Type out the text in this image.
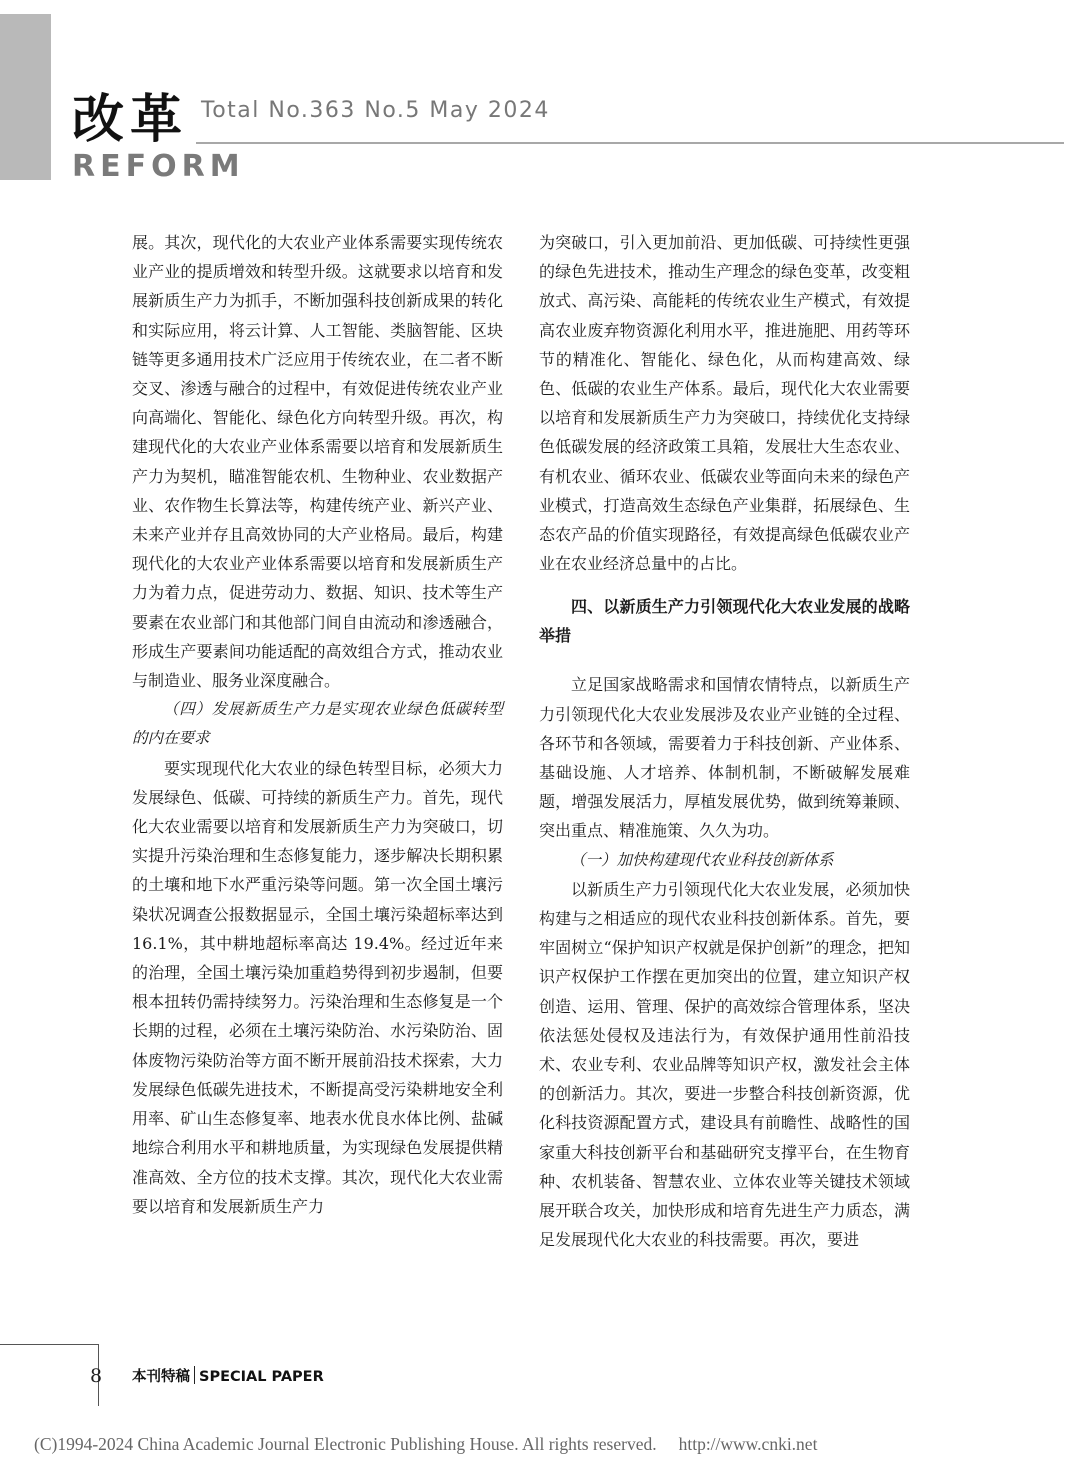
改革
REFORM
Total No.363 No.5 May 2024

展。其次，现代化的大农业产业体系需要实现传统农业产业的提质增效和转型升级。这就要求以培育和发展新质生产力为抓手，不断加强科技创新成果的转化和实际应用，将云计算、人工智能、类脑智能、区块链等更多通用技术广泛应用于传统农业，在二者不断交叉、渗透与融合的过程中，有效促进传统农业产业向高端化、智能化、绿色化方向转型升级。再次，构建现代化的大农业产业体系需要以培育和发展新质生产力为契机，瞄准智能农机、生物种业、农业数据产业、农作物生长算法等，构建传统产业、新兴产业、未来产业并存且高效协同的大产业格局。最后，构建现代化的大农业产业体系需要以培育和发展新质生产力为着力点，促进劳动力、数据、知识、技术等生产要素在农业部门和其他部门间自由流动和渗透融合，形成生产要素间功能适配的高效组合方式，推动农业与制造业、服务业深度融合。

（四）发展新质生产力是实现农业绿色低碳转型的内在要求

要实现现代化大农业的绿色转型目标，必须大力发展绿色、低碳、可持续的新质生产力。首先，现代化大农业需要以培育和发展新质生产力为突破口，切实提升污染治理和生态修复能力，逐步解决长期积累的土壤和地下水严重污染等问题。第一次全国土壤污染状况调查公报数据显示，全国土壤污染超标率达到 16.1%，其中耕地超标率高达 19.4%。经过近年来的治理，全国土壤污染加重趋势得到初步遏制，但要根本扭转仍需持续努力。污染治理和生态修复是一个长期的过程，必须在土壤污染防治、水污染防治、固体废物污染防治等方面不断开展前沿技术探索，大力发展绿色低碳先进技术，不断提高受污染耕地安全利用率、矿山生态修复率、地表水优良水体比例、盐碱地综合利用水平和耕地质量，为实现绿色发展提供精准高效、全方位的技术支撑。其次，现代化大农业需要以培育和发展新质生产力

为突破口，引入更加前沿、更加低碳、可持续性更强的绿色先进技术，推动生产理念的绿色变革，改变粗放式、高污染、高能耗的传统农业生产模式，有效提高农业废弃物资源化利用水平，推进施肥、用药等环节的精准化、智能化、绿色化，从而构建高效、绿色、低碳的农业生产体系。最后，现代化大农业需要以培育和发展新质生产力为突破口，持续优化支持绿色低碳发展的经济政策工具箱，发展壮大生态农业、有机农业、循环农业、低碳农业等面向未来的绿色产业模式，打造高效生态绿色产业集群，拓展绿色、生态农产品的价值实现路径，有效提高绿色低碳农业产业在农业经济总量中的占比。

四、以新质生产力引领现代化大农业发展的战略举措

立足国家战略需求和国情农情特点，以新质生产力引领现代化大农业发展涉及农业产业链的全过程、各环节和各领域，需要着力于科技创新、产业体系、基础设施、人才培养、体制机制，不断破解发展难题，增强发展活力，厚植发展优势，做到统筹兼顾、突出重点、精准施策、久久为功。

（一）加快构建现代农业科技创新体系

以新质生产力引领现代化大农业发展，必须加快构建与之相适应的现代农业科技创新体系。首先，要牢固树立“保护知识产权就是保护创新”的理念，把知识产权保护工作摆在更加突出的位置，建立知识产权创造、运用、管理、保护的高效综合管理体系，坚决依法惩处侵权及违法行为，有效保护通用性前沿技术、农业专利、农业品牌等知识产权，激发社会主体的创新活力。其次，要进一步整合科技创新资源，优化科技资源配置方式，建设具有前瞻性、战略性的国家重大科技创新平台和基础研究支撑平台，在生物育种、农机装备、智慧农业、立体农业等关键技术领域展开联合攻关，加快形成和培育先进生产力质态，满足发展现代化大农业的科技需要。再次，要进

8 本刊特稿 SPECIAL PAPER
(C)1994-2024 China Academic Journal Electronic Publishing House. All rights reserved. http://www.cnki.net
